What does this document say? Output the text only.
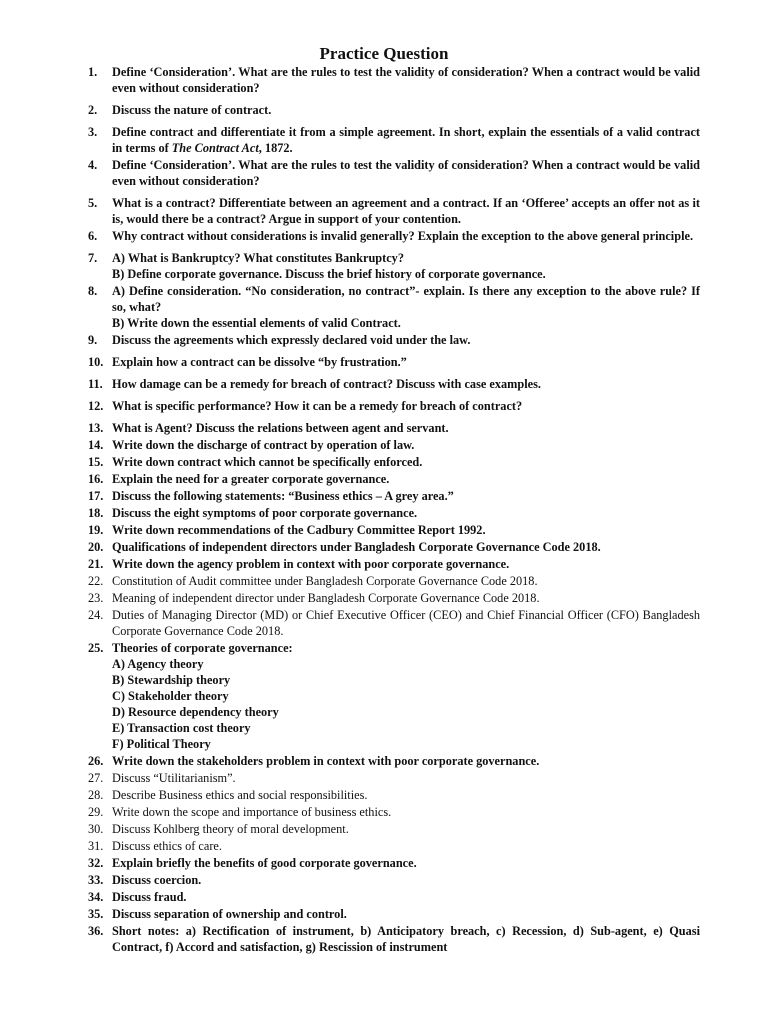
Practice Question
1.	Define ‘Consideration’. What are the rules to test the validity of consideration? When a contract would be valid even without consideration?
2.	Discuss the nature of contract.
3.	Define contract and differentiate it from a simple agreement. In short, explain the essentials of a valid contract in terms of The Contract Act, 1872.
4.	Define ‘Consideration’. What are the rules to test the validity of consideration? When a contract would be valid even without consideration?
5.	What is a contract? Differentiate between an agreement and a contract. If an ‘Offeree’ accepts an offer not as it is, would there be a contract? Argue in support of your contention.
6.	Why contract without considerations is invalid generally? Explain the exception to the above general principle.
7.	A) What is Bankruptcy? What constitutes Bankruptcy?
B) Define corporate governance. Discuss the brief history of corporate governance.
8.	A) Define consideration. “No consideration, no contract”- explain. Is there any exception to the above rule? If so, what?
B) Write down the essential elements of valid Contract.
9.	Discuss the agreements which expressly declared void under the law.
10. Explain how a contract can be dissolve “by frustration.”
11. How damage can be a remedy for breach of contract? Discuss with case examples.
12. What is specific performance? How it can be a remedy for breach of contract?
13. What is Agent? Discuss the relations between agent and servant.
14. Write down the discharge of contract by operation of law.
15. Write down contract which cannot be specifically enforced.
16. Explain the need for a greater corporate governance.
17. Discuss the following statements: “Business ethics – A grey area.”
18. Discuss the eight symptoms of poor corporate governance.
19. Write down recommendations of the Cadbury Committee Report 1992.
20. Qualifications of independent directors under Bangladesh Corporate Governance Code 2018.
21. Write down the agency problem in context with poor corporate governance.
22. Constitution of Audit committee under Bangladesh Corporate Governance Code 2018.
23. Meaning of independent director under Bangladesh Corporate Governance Code 2018.
24. Duties of Managing Director (MD) or Chief Executive Officer (CEO) and Chief Financial Officer (CFO) Bangladesh Corporate Governance Code 2018.
25. Theories of corporate governance:
A) Agency theory
B) Stewardship theory
C) Stakeholder theory
D) Resource dependency theory
E) Transaction cost theory
F) Political Theory
26. Write down the stakeholders problem in context with poor corporate governance.
27. Discuss “Utilitarianism”.
28. Describe Business ethics and social responsibilities.
29. Write down the scope and importance of business ethics.
30. Discuss Kohlberg theory of moral development.
31. Discuss ethics of care.
32. Explain briefly the benefits of good corporate governance.
33. Discuss coercion.
34. Discuss fraud.
35. Discuss separation of ownership and control.
36. Short notes: a) Rectification of instrument, b) Anticipatory breach, c) Recession, d) Sub-agent, e) Quasi Contract, f) Accord and satisfaction, g) Rescission of instrument
